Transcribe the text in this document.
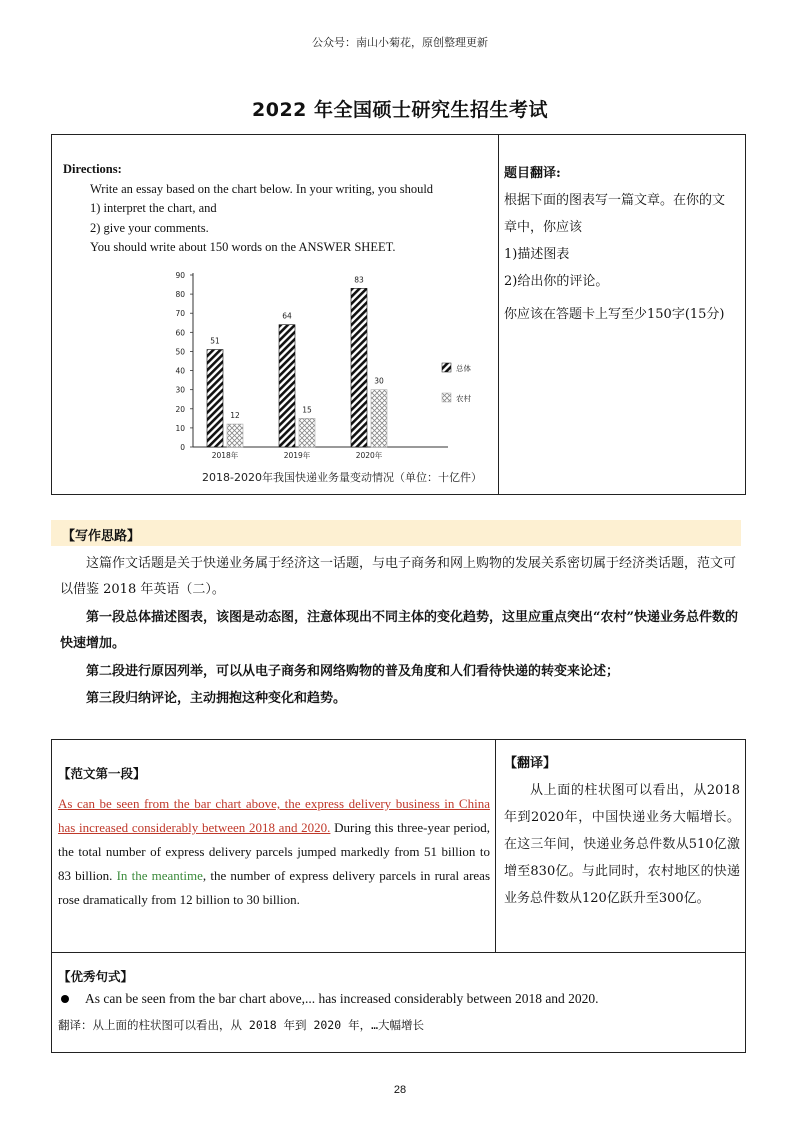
公众号：南山小菊花，原创整理更新
2022 年全国硕士研究生招生考试
Directions:
Write an essay based on the chart below. In your writing, you should
1) interpret the chart, and
2) give your comments.
You should write about 150 words on the ANSWER SHEET.
0
10
20
30
40
50
60
70
80
90
51
12
2018年
64
15
2019年
83
30
2020年
总体
农村
2018-2020年我国快递业务量变动情况（单位：十亿件）
题目翻译:
根据下面的图表写一篇文章。在你的文
章中，你应该
1)描述图表
2)给出你的评论。
你应该在答题卡上写至少150字(15分)
【写作思路】
这篇作文话题是关于快递业务属于经济这一话题，与电子商务和网上购物的发展关系密切属于经济类话题，范文可以借鉴 2018 年英语（二）。
第一段总体描述图表，该图是动态图，注意体现出不同主体的变化趋势，这里应重点突出“农村”快递业务总件数的快速增加。
第二段进行原因列举，可以从电子商务和网络购物的普及角度和人们看待快递的转变来论述；
第三段归纳评论，主动拥抱这种变化和趋势。
【范文第一段】
As can be seen from the bar chart above, the express delivery business in China has increased considerably between 2018 and 2020. During this three-year period, the total number of express delivery parcels jumped markedly from 51 billion to 83 billion. In the meantime, the number of express delivery parcels in rural areas rose dramatically from 12 billion to 30 billion.
【翻译】
从上面的柱状图可以看出，从2018年到2020年，中国快递业务大幅增长。在这三年间，快递业务总件数从510亿激增至830亿。与此同时，农村地区的快递业务总件数从120亿跃升至300亿。
【优秀句式】
As can be seen from the bar chart above,... has increased considerably between 2018 and 2020.
翻译：从上面的柱状图可以看出，从 2018 年到 2020 年，…大幅增长
28
